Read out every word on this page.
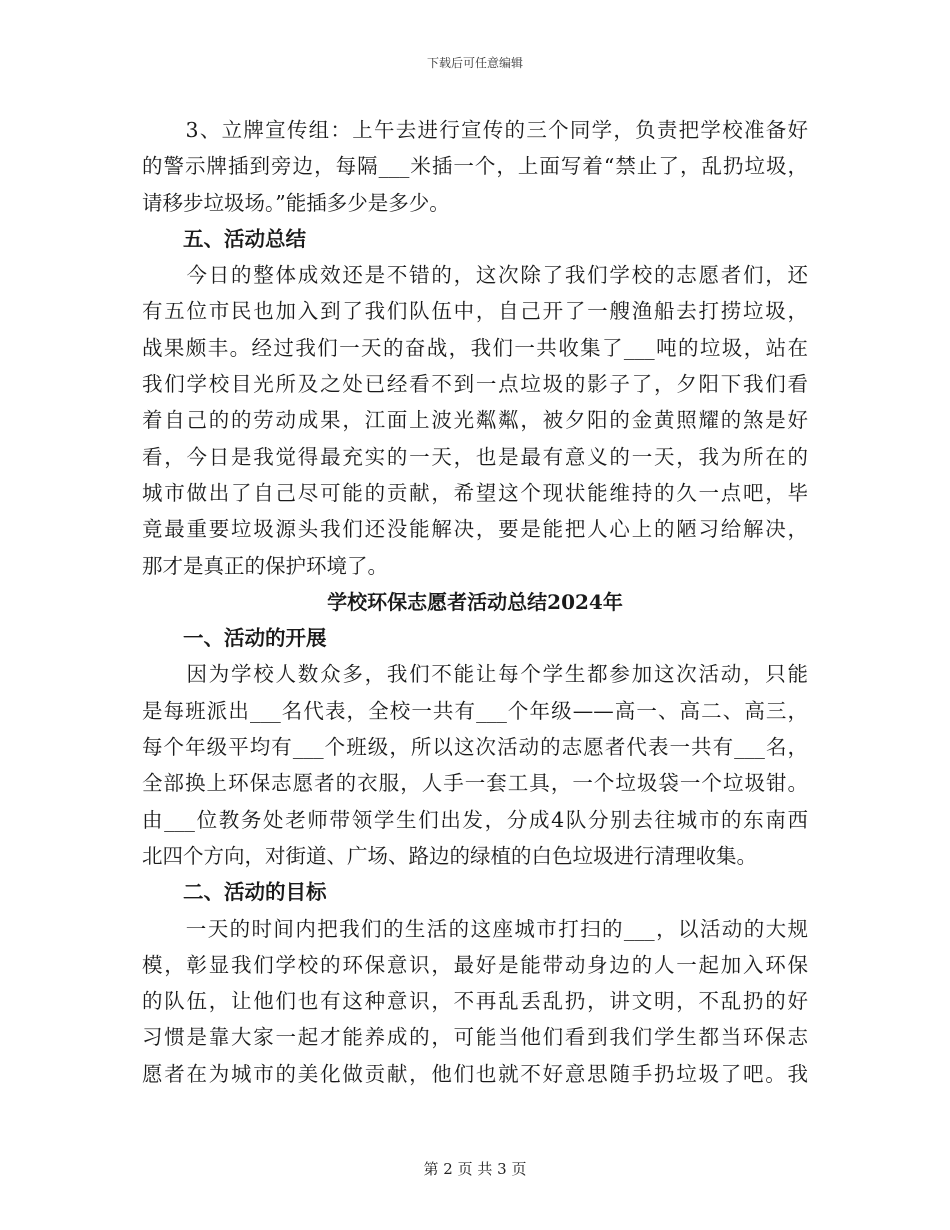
下载后可任意编辑
　　3、立牌宣传组：上午去进行宣传的三个同学，负责把学校准备好
的警示牌插到旁边，每隔___米插一个，上面写着“禁止了，乱扔垃圾，
请移步垃圾场。”能插多少是多少。
五、活动总结
　　今日的整体成效还是不错的，这次除了我们学校的志愿者们，还
有五位市民也加入到了我们队伍中，自己开了一艘渔船去打捞垃圾，
战果颇丰。经过我们一天的奋战，我们一共收集了___吨的垃圾，站在
我们学校目光所及之处已经看不到一点垃圾的影子了，夕阳下我们看
着自己的的劳动成果，江面上波光粼粼，被夕阳的金黄照耀的煞是好
看，今日是我觉得最充实的一天，也是最有意义的一天，我为所在的
城市做出了自己尽可能的贡献，希望这个现状能维持的久一点吧，毕
竟最重要垃圾源头我们还没能解决，要是能把人心上的陋习给解决，
那才是真正的保护环境了。
学校环保志愿者活动总结2024年
一、活动的开展
　　因为学校人数众多，我们不能让每个学生都参加这次活动，只能
是每班派出___名代表，全校一共有___个年级——高一、高二、高三，
每个年级平均有___个班级，所以这次活动的志愿者代表一共有___名，
全部换上环保志愿者的衣服，人手一套工具，一个垃圾袋一个垃圾钳。
由___位教务处老师带领学生们出发，分成4队分别去往城市的东南西
北四个方向，对街道、广场、路边的绿植的白色垃圾进行清理收集。
二、活动的目标
　　一天的时间内把我们的生活的这座城市打扫的___，以活动的大规
模，彰显我们学校的环保意识，最好是能带动身边的人一起加入环保
的队伍，让他们也有这种意识，不再乱丢乱扔，讲文明，不乱扔的好
习惯是靠大家一起才能养成的，可能当他们看到我们学生都当环保志
愿者在为城市的美化做贡献，他们也就不好意思随手扔垃圾了吧。我
第 2 页 共 3 页
